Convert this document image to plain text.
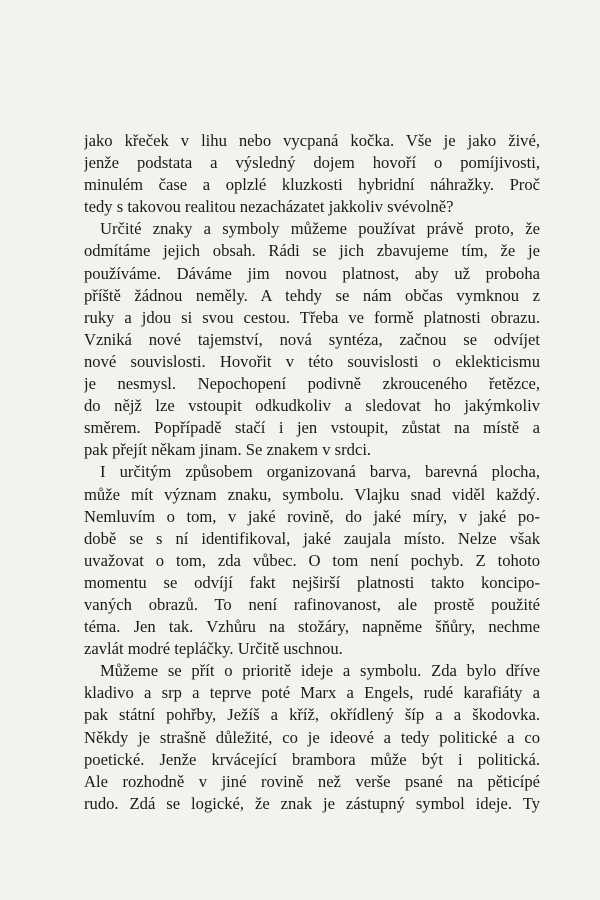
jako křeček v lihu nebo vycpaná kočka. Vše je jako živé,
jenže podstata a výsledný dojem hovoří o pomíjivosti,
minulém čase a oplzlé kluzkosti hybridní náhražky. Proč
tedy s takovou realitou nezacházatet jakkoliv svévolně?
Určité znaky a symboly můžeme používat právě proto, že
odmítáme jejich obsah. Rádi se jich zbavujeme tím, že je
používáme. Dáváme jim novou platnost, aby už proboha
příště žádnou neměly. A tehdy se nám občas vymknou z
ruky a jdou si svou cestou. Třeba ve formě platnosti obrazu.
Vzniká nové tajemství, nová syntéza, začnou se odvíjet
nové souvislosti. Hovořit v této souvislosti o eklekticismu
je nesmysl. Nepochopení podivně zkrouceného řetězce,
do nějž lze vstoupit odkudkoliv a sledovat ho jakýmkoliv
směrem. Popřípadě stačí i jen vstoupit, zůstat na místě a
pak přejít někam jinam. Se znakem v srdci.
I určitým způsobem organizovaná barva, barevná plocha,
může mít význam znaku, symbolu. Vlajku snad viděl každý.
Nemluvím o tom, v jaké rovině, do jaké míry, v jaké po-
době se s ní identifikoval, jaké zaujala místo. Nelze však
uvažovat o tom, zda vůbec. O tom není pochyb. Z tohoto
momentu se odvíjí fakt nejširší platnosti takto koncipo-
vaných obrazů. To není rafinovanost, ale prostě použité
téma. Jen tak. Vzhůru na stožáry, napněme šňůry, nechme
zavlát modré tepláčky. Určitě uschnou.
Můžeme se přít o prioritě ideje a symbolu. Zda bylo dříve
kladivo a srp a teprve poté Marx a Engels, rudé karafiáty a
pak státní pohřby, Ježíš a kříž, okřídlený šíp a a škodovka.
Někdy je strašně důležité, co je ideové a tedy politické a co
poetické. Jenže krvácející brambora může být i politická.
Ale rozhodně v jiné rovině než verše psané na pěticípé
rudo. Zdá se logické, že znak je zástupný symbol ideje. Ty
